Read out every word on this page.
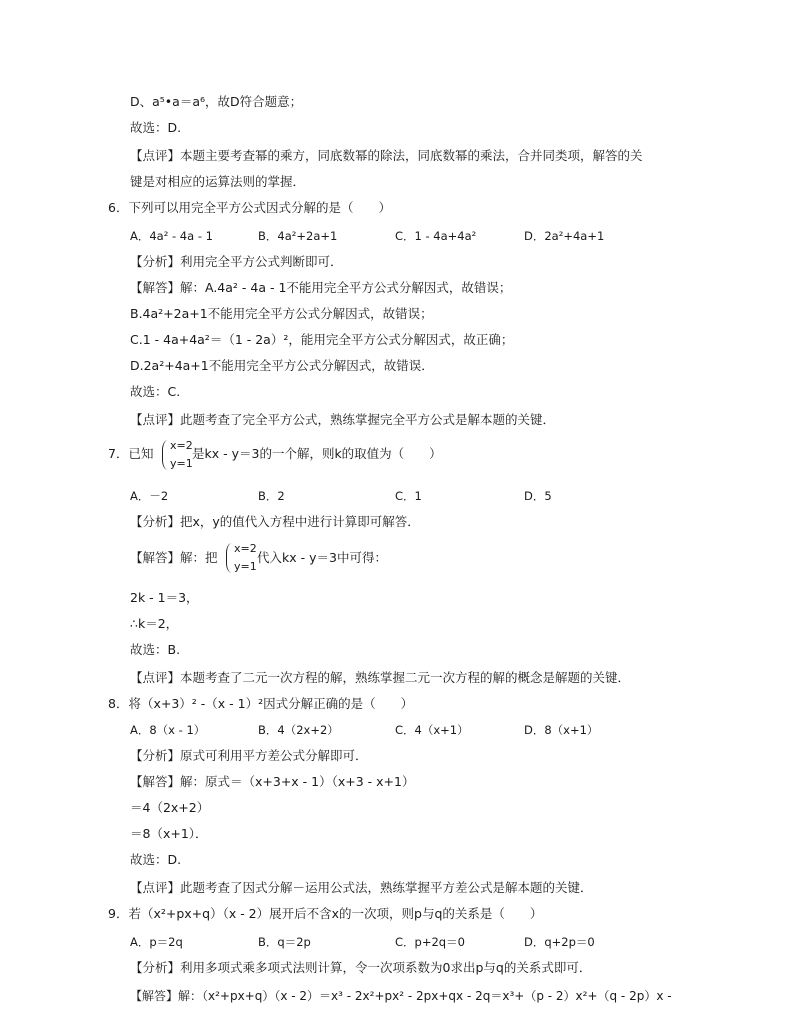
D、a⁵•a＝a⁶，故D符合题意；
故选：D.
【点评】本题主要考查幂的乘方，同底数幂的除法，同底数幂的乘法，合并同类项，解答的关
键是对相应的运算法则的掌握．
6．下列可以用完全平方公式因式分解的是（　　）
A．4a² - 4a - 1	B．4a²+2a+1	C．1 - 4a+4a²	D．2a²+4a+1
【分析】利用完全平方公式判断即可．
【解答】解：A.4a² - 4a - 1不能用完全平方公式分解因式，故错误；
B.4a²+2a+1不能用完全平方公式分解因式，故错误；
C.1 - 4a+4a²＝（1 - 2a）²，能用完全平方公式分解因式，故正确；
D.2a²+4a+1不能用完全平方公式分解因式，故错误．
故选：C.
【点评】此题考查了完全平方公式，熟练掌握完全平方公式是解本题的关键．
7．已知
x=2
y=1
是kx - y＝3的一个解，则k的取值为（　　）
A．－2	B．2	C．1	D．5
【分析】把x，y的值代入方程中进行计算即可解答．
【解答】解：把
x=2
y=1
代入kx - y＝3中可得：
2k - 1＝3，
∴k＝2，
故选：B.
【点评】本题考查了二元一次方程的解，熟练掌握二元一次方程的解的概念是解题的关键．
8．将（x+3）² -（x - 1）²因式分解正确的是（　　）
A．8（x - 1）	B．4（2x+2）	C．4（x+1）	D．8（x+1）
【分析】原式可利用平方差公式分解即可．
【解答】解：原式＝（x+3+x - 1）（x+3 - x+1）
＝4（2x+2）
＝8（x+1）．
故选：D.
【点评】此题考查了因式分解－运用公式法，熟练掌握平方差公式是解本题的关键．
9．若（x²+px+q）（x - 2）展开后不含x的一次项，则p与q的关系是（　　）
A．p＝2q	B．q＝2p	C．p+2q＝0	D．q+2p＝0
【分析】利用多项式乘多项式法则计算，令一次项系数为0求出p与q的关系式即可．
【解答】解：（x²+px+q）（x - 2）＝x³ - 2x²+px² - 2px+qx - 2q＝x³+（p - 2）x²+（q - 2p）x -
